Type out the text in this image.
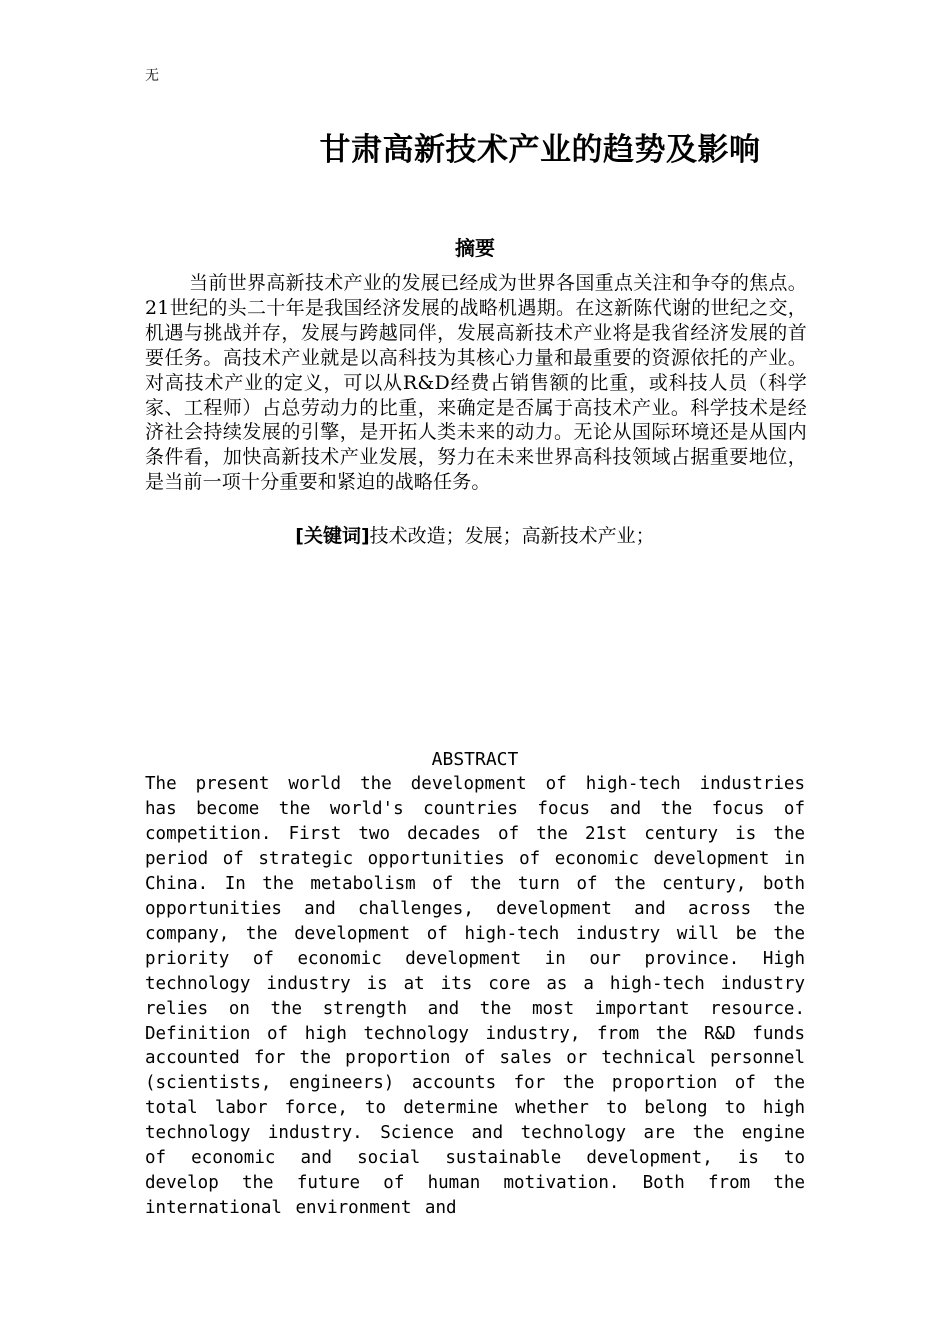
无
甘肃高新技术产业的趋势及影响
摘要
当前世界高新技术产业的发展已经成为世界各国重点关注和争夺的焦点。21世纪的头二十年是我国经济发展的战略机遇期。在这新陈代谢的世纪之交，机遇与挑战并存，发展与跨越同伴，发展高新技术产业将是我省经济发展的首要任务。高技术产业就是以高科技为其核心力量和最重要的资源依托的产业。对高技术产业的定义，可以从R&D经费占销售额的比重，或科技人员（科学家、工程师）占总劳动力的比重，来确定是否属于高技术产业。科学技术是经济社会持续发展的引擎，是开拓人类未来的动力。无论从国际环境还是从国内条件看，加快高新技术产业发展，努力在未来世界高科技领域占据重要地位，是当前一项十分重要和紧迫的战略任务。
[关键词]技术改造；发展；高新技术产业；
ABSTRACT
The present world the development of high-tech industries has become the world's countries focus and the focus of competition. First two decades of the 21st century is the period of strategic opportunities of economic development in China. In the metabolism of the turn of the century, both opportunities and challenges, development and across the company, the development of high-tech industry will be the priority of economic development in our province. High technology industry is at its core as a high-tech industry relies on the strength and the most important resource. Definition of high technology industry, from the R&D funds accounted for the proportion of sales or technical personnel (scientists, engineers) accounts for the proportion of the total labor force, to determine whether to belong to high technology industry. Science and technology are the engine of economic and social sustainable development, is to develop the future of human motivation. Both from the international environment and
